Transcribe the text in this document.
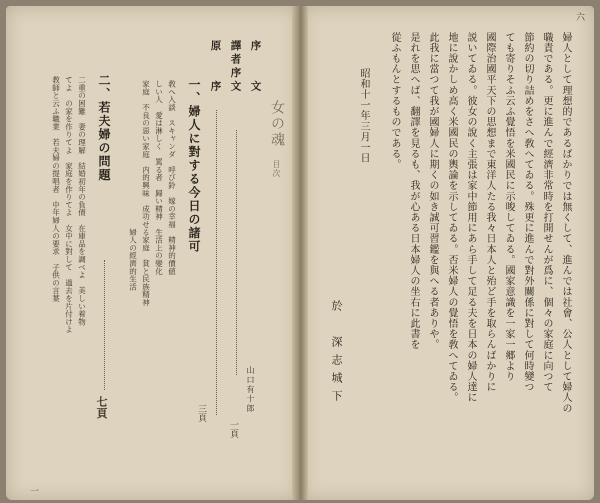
六
婦人として理想的であるばかりでは無くして、進んでは社會、公人として婦人の
職責である。更に進んで經濟非常時を打開せんが爲に、個々の家庭に向つて
節約の切り詰めをさへ敎へてゐる。殊更に進んで對外關係に對して何時變つ
ても寄りそふ云ふ覺悟を米國民に示唆してゐる。國家意識を一家一郷より
國際治國平天下の思想まで東洋人たる我々日本人と殆ど手を取らんばかりに
説いてゐる。彼女の說く主張は家中節用にあら手して足る夫を日本の婦人達に
地に說かしめ高く米國民の輿論を示してゐる。否米婦人の覺悟を敎へてゐる。
此我に當つて我が國婦人に期くの如き誠可習鑑を與へる者ありや。
是れを思へば、翻譯を見るも、我が心ある日本婦人の坐右に此書を
從ふもんとするものである。
昭和十一年三月一日
於　深志城下
一
女の魂
目次
山口有十郎
序　　文
譯者序文
原　　序
一頁
三頁
一、婦人に對する今日の諸可
敎へ入談　スキャンダ　呼び鈴　嫁の幸福　精神的價値
しい人　愛は淋しく　罵る者　歸い精神　生活上の變化
家庭　不良の惡い家庭　内的興味　成功せる家庭　貧と民族精神
　　　　　　　　　　　　　　　　　　　婦人の經濟的生活
二、若夫婦の問題
二重の困難　妻の理解　結婚初年の負債　在庫品を調べよ　美しい着物
てよ　の家を作りてよ　家庭を作りてよ　女中に對して　過去を片付けよ
教師と云ふ職業　若夫婦の提唱者　中年婦人の要求　子供の言葉
七頁
